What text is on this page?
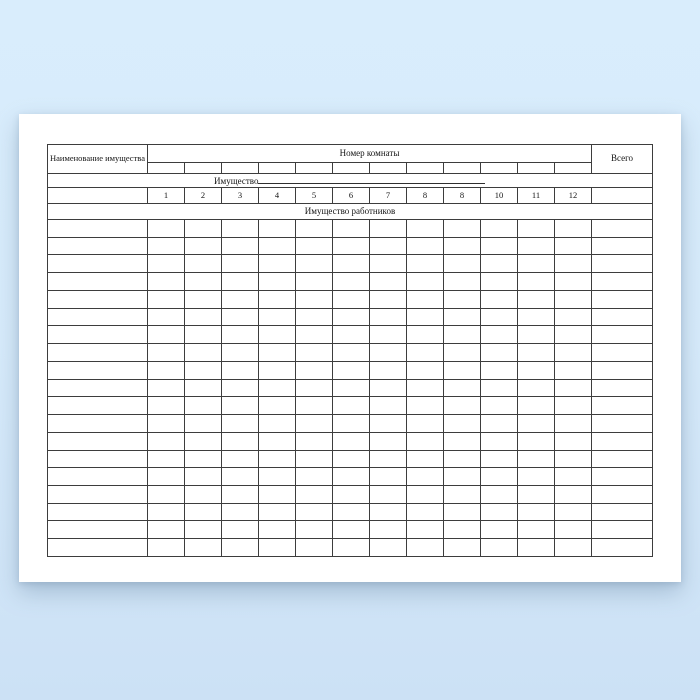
Наименование имущества	Номер комнаты												Всего

Имущество													
	1	2	3	4	5	6	7	8	8	10	11	12	
Имущество работников													
